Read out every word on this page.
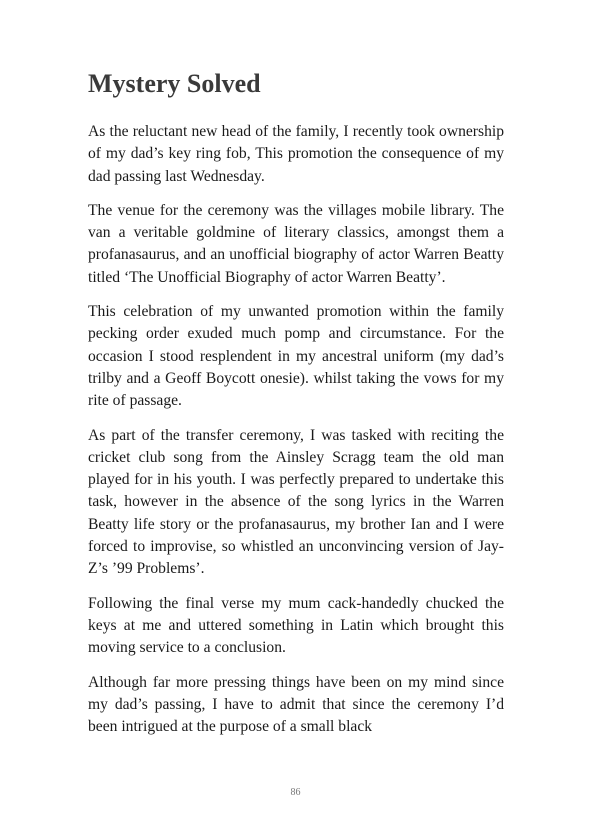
Mystery Solved

As the reluctant new head of the family, I recently took ownership of my dad’s key ring fob, This promotion the consequence of my dad passing last Wednesday.

The venue for the ceremony was the villages mobile library. The van a veritable goldmine of literary classics, amongst them a profanasaurus, and an unofficial biography of actor Warren Beatty titled ‘The Unofficial Biography of actor Warren Beatty’.

This celebration of my unwanted promotion within the family pecking order exuded much pomp and circumstance. For the occasion I stood resplendent in my ancestral uniform (my dad’s trilby and a Geoff Boycott onesie). whilst taking the vows for my rite of passage.

As part of the transfer ceremony, I was tasked with reciting the cricket club song from the Ainsley Scragg team the old man played for in his youth. I was perfectly prepared to undertake this task, however in the absence of the song lyrics in the Warren Beatty life story or the profanasaurus, my brother Ian and I were forced to improvise, so whistled an unconvincing version of Jay-Z’s ’99 Problems’.

Following the final verse my mum cack-handedly chucked the keys at me and uttered something in Latin which brought this moving service to a conclusion.

Although far more pressing things have been on my mind since my dad’s passing, I have to admit that since the ceremony I’d been intrigued at the purpose of a small black

86
